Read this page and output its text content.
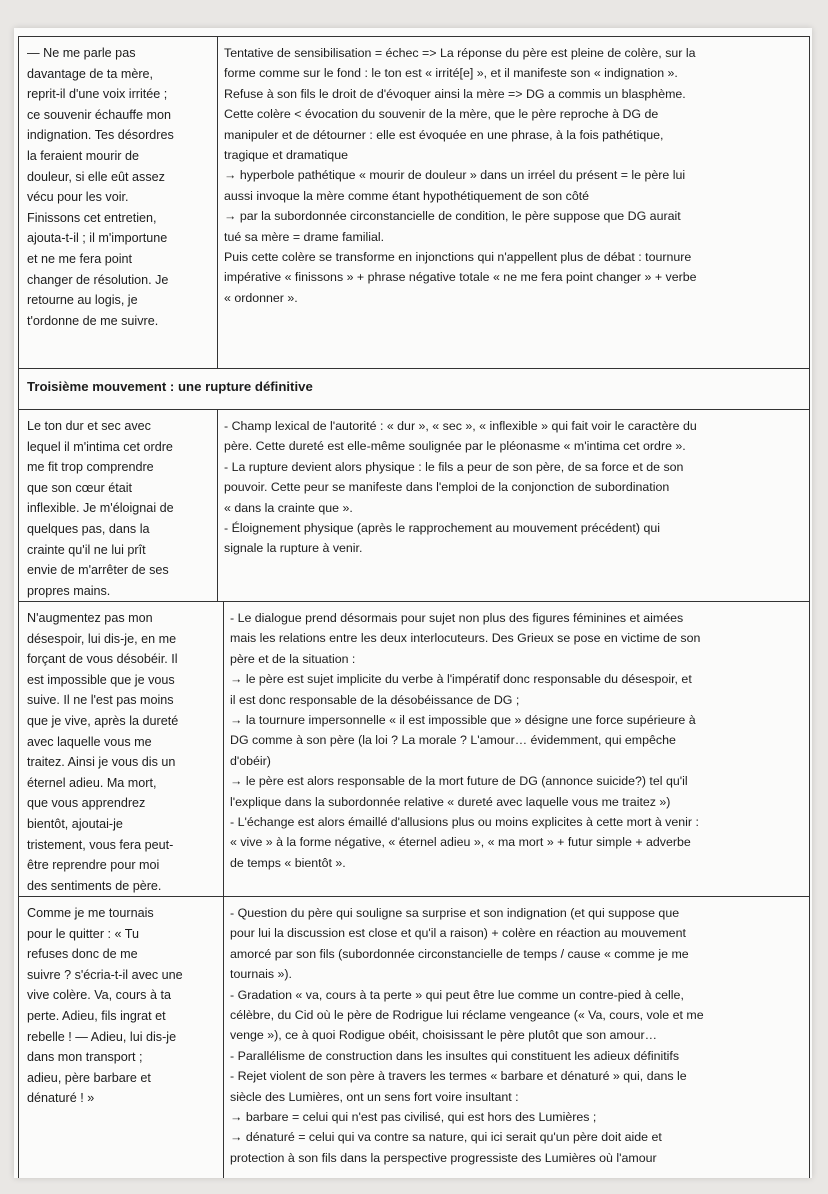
— Ne me parle pas
davantage de ta mère,
reprit-il d'une voix irritée ;
ce souvenir échauffe mon
indignation. Tes désordres
la feraient mourir de
douleur, si elle eût assez
vécu pour les voir.
Finissons cet entretien,
ajouta-t-il ; il m'importune
et ne me fera point
changer de résolution. Je
retourne au logis, je
t'ordonne de me suivre.

Tentative de sensibilisation = échec => La réponse du père est pleine de colère, sur la
forme comme sur le fond : le ton est « irrité[e] », et il manifeste son « indignation ».
Refuse à son fils le droit de d'évoquer ainsi la mère => DG a commis un blasphème.
Cette colère < évocation du souvenir de la mère, que le père reproche à DG de
manipuler et de détourner : elle est évoquée en une phrase, à la fois pathétique,
tragique et dramatique
→ hyperbole pathétique « mourir de douleur » dans un irréel du présent = le père lui
aussi invoque la mère comme étant hypothétiquement de son côté
→ par la subordonnée circonstancielle de condition, le père suppose que DG aurait
tué sa mère = drame familial.
Puis cette colère se transforme en injonctions qui n'appellent plus de débat : tournure
impérative « finissons » + phrase négative totale « ne me fera point changer » + verbe
« ordonner ».

Troisième mouvement : une rupture définitive

Le ton dur et sec avec
lequel il m'intima cet ordre
me fit trop comprendre
que son cœur était
inflexible. Je m'éloignai de
quelques pas, dans la
crainte qu'il ne lui prît
envie de m'arrêter de ses
propres mains.

- Champ lexical de l'autorité : « dur », « sec », « inflexible » qui fait voir le caractère du
père. Cette dureté est elle-même soulignée par le pléonasme « m'intima cet ordre ».
- La rupture devient alors physique : le fils a peur de son père, de sa force et de son
pouvoir. Cette peur se manifeste dans l'emploi de la conjonction de subordination
« dans la crainte que ».
- Éloignement physique (après le rapprochement au mouvement précédent) qui
signale la rupture à venir.

N'augmentez pas mon
désespoir, lui dis-je, en me
forçant de vous désobéir. Il
est impossible que je vous
suive. Il ne l'est pas moins
que je vive, après la dureté
avec laquelle vous me
traitez. Ainsi je vous dis un
éternel adieu. Ma mort,
que vous apprendrez
bientôt, ajoutai-je
tristement, vous fera peut-
être reprendre pour moi
des sentiments de père.

- Le dialogue prend désormais pour sujet non plus des figures féminines et aimées
mais les relations entre les deux interlocuteurs. Des Grieux se pose en victime de son
père et de la situation :
→ le père est sujet implicite du verbe à l'impératif donc responsable du désespoir, et
il est donc responsable de la désobéissance de DG ;
→ la tournure impersonnelle « il est impossible que » désigne une force supérieure à
DG comme à son père (la loi ? La morale ? L'amour… évidemment, qui empêche
d'obéir)
→ le père est alors responsable de la mort future de DG (annonce suicide?) tel qu'il
l'explique dans la subordonnée relative « dureté avec laquelle vous me traitez »)
- L'échange est alors émaillé d'allusions plus ou moins explicites à cette mort à venir :
« vive » à la forme négative, « éternel adieu », « ma mort » + futur simple + adverbe
de temps « bientôt ».

Comme je me tournais
pour le quitter : « Tu
refuses donc de me
suivre ? s'écria-t-il avec une
vive colère. Va, cours à ta
perte. Adieu, fils ingrat et
rebelle ! — Adieu, lui dis-je
dans mon transport ;
adieu, père barbare et
dénaturé ! »

- Question du père qui souligne sa surprise et son indignation (et qui suppose que
pour lui la discussion est close et qu'il a raison) + colère en réaction au mouvement
amorcé par son fils (subordonnée circonstancielle de temps / cause « comme je me
tournais »).
- Gradation « va, cours à ta perte » qui peut être lue comme un contre-pied à celle,
célèbre, du Cid où le père de Rodrigue lui réclame vengeance (« Va, cours, vole et me
venge »), ce à quoi Rodigue obéit, choisissant le père plutôt que son amour…
- Parallélisme de construction dans les insultes qui constituent les adieux définitifs
- Rejet violent de son père à travers les termes « barbare et dénaturé » qui, dans le
siècle des Lumières, ont un sens fort voire insultant :
→ barbare = celui qui n'est pas civilisé, qui est hors des Lumières ;
→ dénaturé = celui qui va contre sa nature, qui ici serait qu'un père doit aide et
protection à son fils dans la perspective progressiste des Lumières où l'amour
